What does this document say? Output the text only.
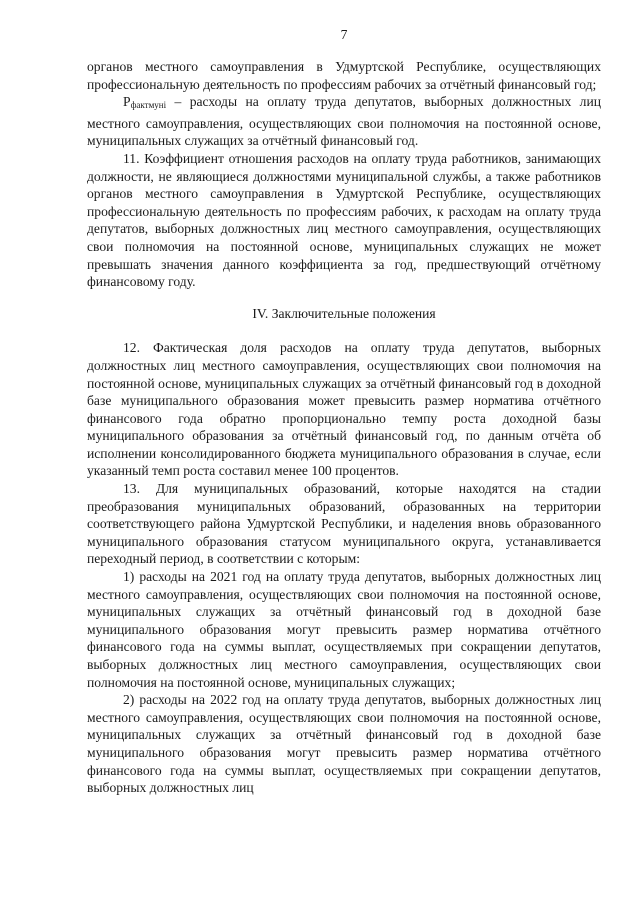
7

органов местного самоуправления в Удмуртской Республике, осуществляющих профессиональную деятельность по профессиям рабочих за отчётный финансовый год;

$Р_{фактмуні}$ – расходы на оплату труда депутатов, выборных должностных лиц местного самоуправления, осуществляющих свои полномочия на постоянной основе, муниципальных служащих за отчётный финансовый год.

11. Коэффициент отношения расходов на оплату труда работников, занимающих должности, не являющиеся должностями муниципальной службы, а также работников органов местного самоуправления в Удмуртской Республике, осуществляющих профессиональную деятельность по профессиям рабочих, к расходам на оплату труда депутатов, выборных должностных лиц местного самоуправления, осуществляющих свои полномочия на постоянной основе, муниципальных служащих не может превышать значения данного коэффициента за год, предшествующий отчётному финансовому году.

IV. Заключительные положения

12. Фактическая доля расходов на оплату труда депутатов, выборных должностных лиц местного самоуправления, осуществляющих свои полномочия на постоянной основе, муниципальных служащих за отчётный финансовый год в доходной базе муниципального образования может превысить размер норматива отчётного финансового года обратно пропорционально темпу роста доходной базы муниципального образования за отчётный финансовый год, по данным отчёта об исполнении консолидированного бюджета муниципального образования в случае, если указанный темп роста составил менее 100 процентов.

13. Для муниципальных образований, которые находятся на стадии преобразования муниципальных образований, образованных на территории соответствующего района Удмуртской Республики, и наделения вновь образованного муниципального образования статусом муниципального округа, устанавливается переходный период, в соответствии с которым:

1) расходы на 2021 год на оплату труда депутатов, выборных должностных лиц местного самоуправления, осуществляющих свои полномочия на постоянной основе, муниципальных служащих за отчётный финансовый год в доходной базе муниципального образования могут превысить размер норматива отчётного финансового года на суммы выплат, осуществляемых при сокращении депутатов, выборных должностных лиц местного самоуправления, осуществляющих свои полномочия на постоянной основе, муниципальных служащих;

2) расходы на 2022 год на оплату труда депутатов, выборных должностных лиц местного самоуправления, осуществляющих свои полномочия на постоянной основе, муниципальных служащих за отчётный финансовый год в доходной базе муниципального образования могут превысить размер норматива отчётного финансового года на суммы выплат, осуществляемых при сокращении депутатов, выборных должностных лиц
